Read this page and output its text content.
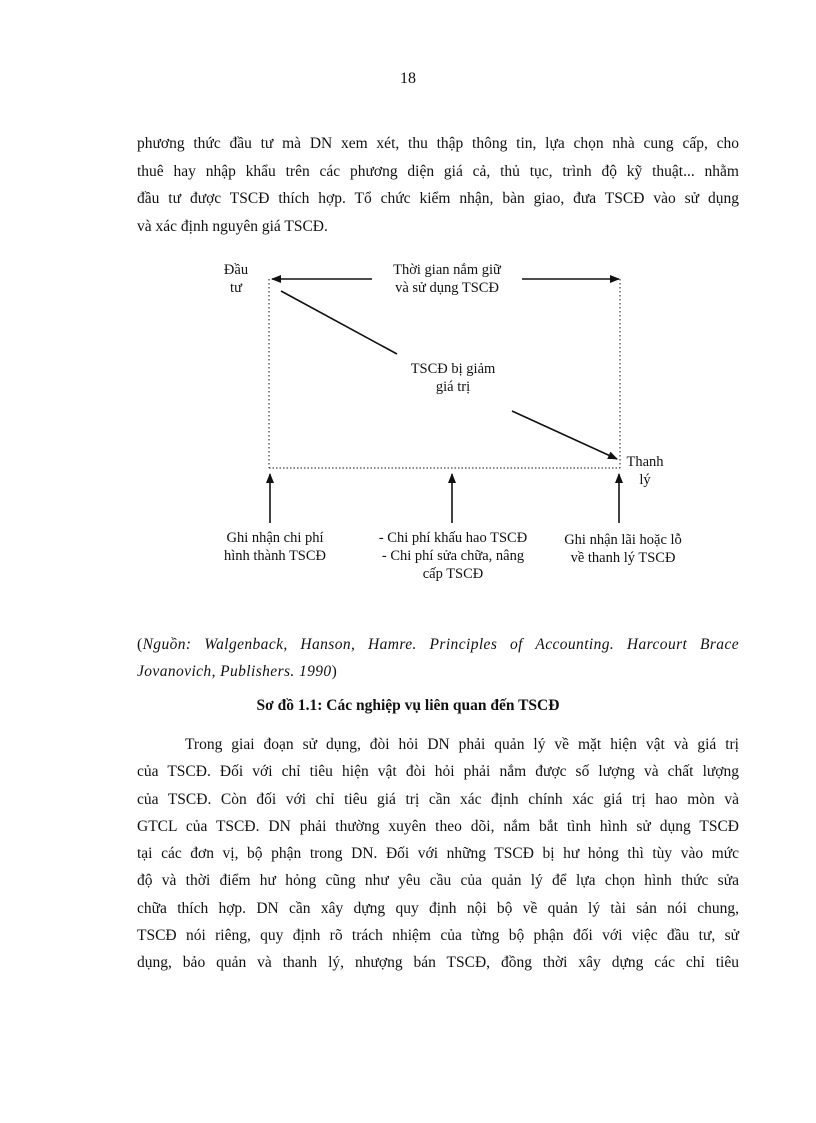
18
phương thức đầu tư mà DN xem xét, thu thập thông tin, lựa chọn nhà cung cấp, cho
thuê hay nhập khẩu trên các phương diện giá cả, thủ tục, trình độ kỹ thuật... nhằm
đầu tư được TSCĐ thích hợp. Tổ chức kiểm nhận, bàn giao, đưa TSCĐ vào sử dụng
và xác định nguyên giá TSCĐ.
Đầu
tư
Thời gian nắm giữ
và sử dụng TSCĐ
TSCĐ bị giảm
giá trị
Thanh
lý
Ghi nhận chi phí
hình thành TSCĐ
- Chi phí khấu hao TSCĐ
- Chi phí sửa chữa, nâng
cấp TSCĐ
Ghi nhận lãi hoặc lỗ
về thanh lý TSCĐ
(Nguồn: Walgenback, Hanson, Hamre. Principles of Accounting. Harcourt Brace
Jovanovich, Publishers. 1990)
Sơ đồ 1.1: Các nghiệp vụ liên quan đến TSCĐ
Trong giai đoạn sử dụng, đòi hỏi DN phải quản lý về mặt hiện vật và giá trị
của TSCĐ. Đối với chỉ tiêu hiện vật đòi hỏi phải nắm được số lượng và chất lượng
của TSCĐ. Còn đối với chỉ tiêu giá trị cần xác định chính xác giá trị hao mòn và
GTCL của TSCĐ. DN phải thường xuyên theo dõi, nắm bắt tình hình sử dụng TSCĐ
tại các đơn vị, bộ phận trong DN. Đối với những TSCĐ bị hư hỏng thì tùy vào mức
độ và thời điểm hư hỏng cũng như yêu cầu của quản lý để lựa chọn hình thức sửa
chữa thích hợp. DN cần xây dựng quy định nội bộ về quản lý tài sản nói chung,
TSCĐ nói riêng, quy định rõ trách nhiệm của từng bộ phận đối với việc đầu tư, sử
dụng, bảo quản và thanh lý, nhượng bán TSCĐ, đồng thời xây dựng các chỉ tiêu
